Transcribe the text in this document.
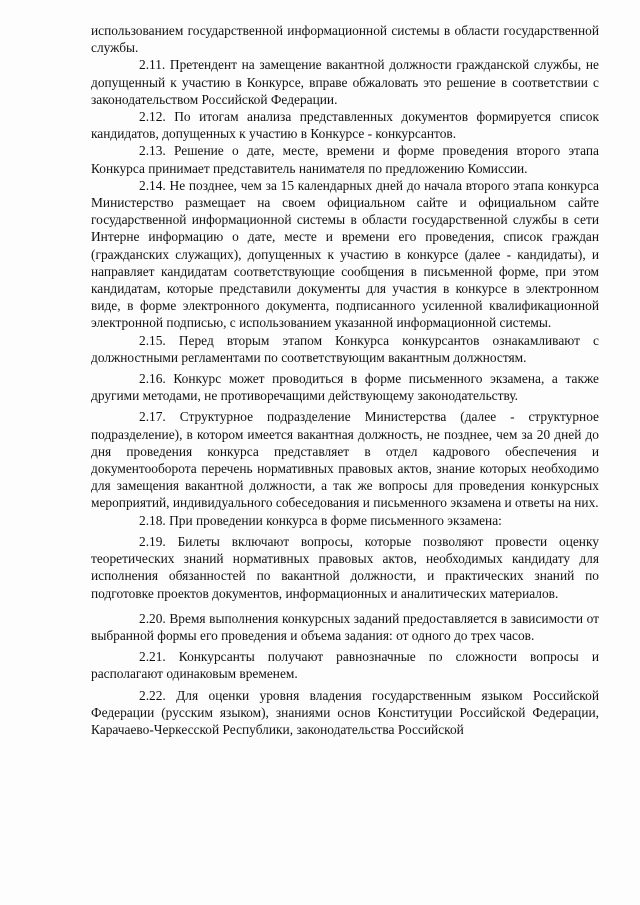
использованием государственной информационной системы в области государственной службы.

2.11. Претендент на замещение вакантной должности гражданской службы, не допущенный к участию в Конкурсе, вправе обжаловать это решение в соответствии с законодательством Российской Федерации.

2.12. По итогам анализа представленных документов формируется список кандидатов, допущенных к участию в Конкурсе - конкурсантов.

2.13. Решение о дате, месте, времени и форме проведения второго этапа Конкурса принимает представитель нанимателя по предложению Комиссии.

2.14. Не позднее, чем за 15 календарных дней до начала второго этапа конкурса Министерство размещает на своем официальном сайте и официальном сайте государственной информационной системы в области государственной службы в сети Интерне информацию о дате, месте и времени его проведения, список граждан (гражданских служащих), допущенных к участию в конкурсе (далее - кандидаты), и направляет кандидатам соответствующие сообщения в письменной форме, при этом кандидатам, которые представили документы для участия в конкурсе в электронном виде, в форме электронного документа, подписанного усиленной квалификационной электронной подписью, с использованием указанной информационной системы.

2.15. Перед вторым этапом Конкурса конкурсантов ознакамливают с должностными регламентами по соответствующим вакантным должностям.

2.16. Конкурс может проводиться в форме письменного экзамена, а также другими методами, не противоречащими действующему законодательству.

2.17. Структурное подразделение Министерства (далее - структурное подразделение), в котором имеется вакантная должность, не позднее, чем за 20 дней до дня проведения конкурса представляет в отдел кадрового обеспечения и документооборота перечень нормативных правовых актов, знание которых необходимо для замещения вакантной должности, а так же вопросы для проведения конкурсных мероприятий, индивидуального собеседования и письменного экзамена и ответы на них.

2.18. При проведении конкурса в форме письменного экзамена:

2.19. Билеты включают вопросы, которые позволяют провести оценку теоретических знаний нормативных правовых актов, необходимых кандидату для исполнения обязанностей по вакантной должности, и практических знаний по подготовке проектов документов, информационных и аналитических материалов.

2.20. Время выполнения конкурсных заданий предоставляется в зависимости от выбранной формы его проведения и объема задания: от одного до трех часов.

2.21. Конкурсанты получают равнозначные по сложности вопросы и располагают одинаковым временем.

2.22. Для оценки уровня владения государственным языком Российской Федерации (русским языком), знаниями основ Конституции Российской Федерации, Карачаево-Черкесской Республики, законодательства Российской
